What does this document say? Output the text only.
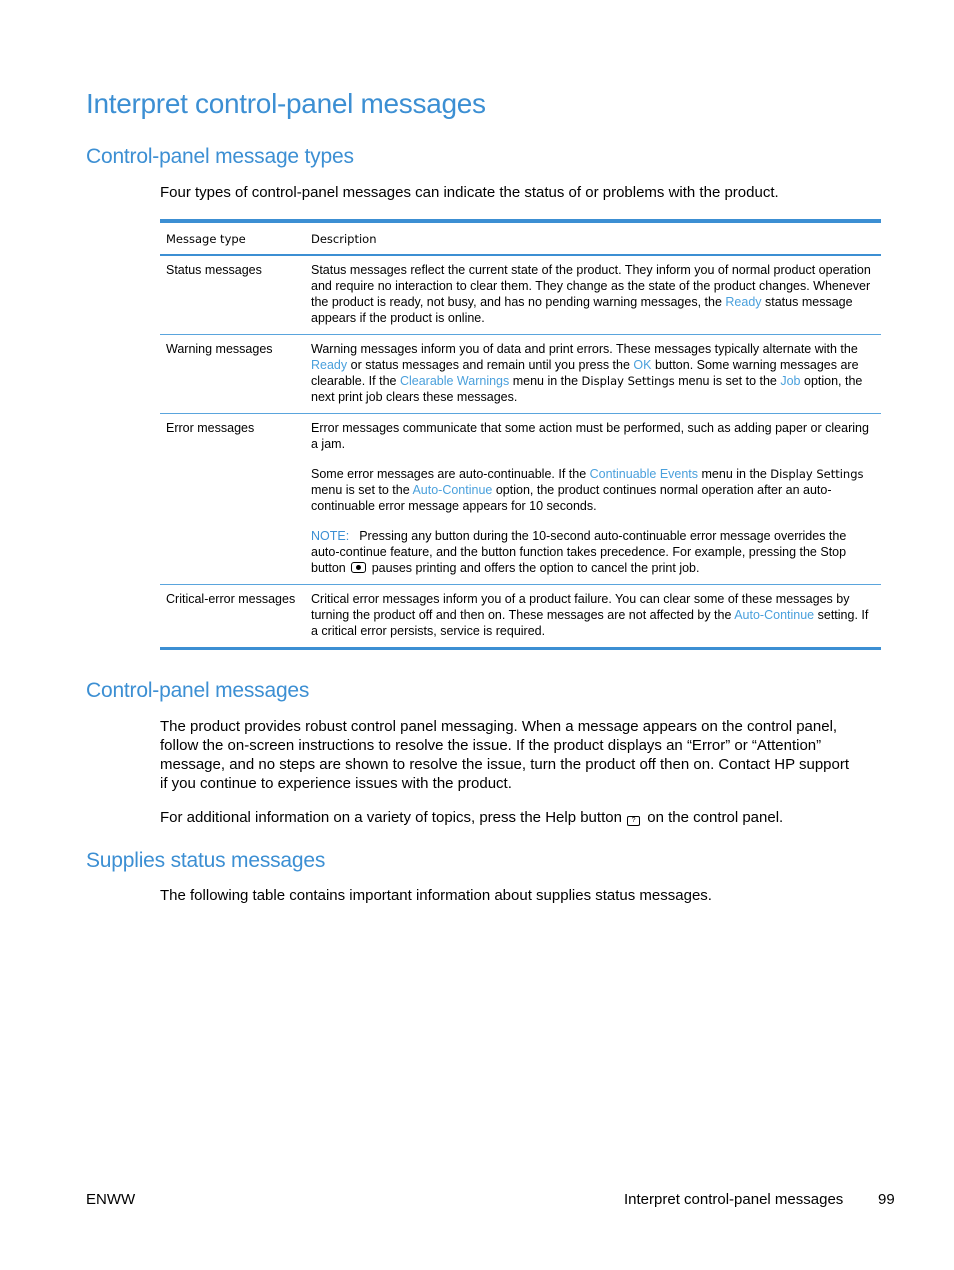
Interpret control-panel messages
Control-panel message types

Four types of control-panel messages can indicate the status of or problems with the product.

Message type	Description
Status messages	Status messages reflect the current state of the product. They inform you of normal product operation and require no interaction to clear them. They change as the state of the product changes. Whenever the product is ready, not busy, and has no pending warning messages, the Ready status message appears if the product is online.
Warning messages	Warning messages inform you of data and print errors. These messages typically alternate with the Ready or status messages and remain until you press the OK button. Some warning messages are clearable. If the Clearable Warnings menu in the Display Settings menu is set to the Job option, the next print job clears these messages.
Error messages	Error messages communicate that some action must be performed, such as adding paper or clearing a jam.

Some error messages are auto-continuable. If the Continuable Events menu in the Display Settings menu is set to the Auto-Continue option, the product continues normal operation after an auto-continuable error message appears for 10 seconds.

NOTE: Pressing any button during the 10-second auto-continuable error message overrides the auto-continue feature, and the button function takes precedence. For example, pressing the Stop button  pauses printing and offers the option to cancel the print job.

Critical-error messages	Critical error messages inform you of a product failure. You can clear some of these messages by turning the product off and then on. These messages are not affected by the Auto-Continue setting. If a critical error persists, service is required.
Control-panel messages

The product provides robust control panel messaging. When a message appears on the control panel, follow the on-screen instructions to resolve the issue. If the product displays an “Error” or “Attention” message, and no steps are shown to resolve the issue, turn the product off then on. Contact HP support if you continue to experience issues with the product.

For additional information on a variety of topics, press the Help button ? on the control panel.

Supplies status messages

The following table contains important information about supplies status messages.

ENWW	Interpret control-panel messages 99
